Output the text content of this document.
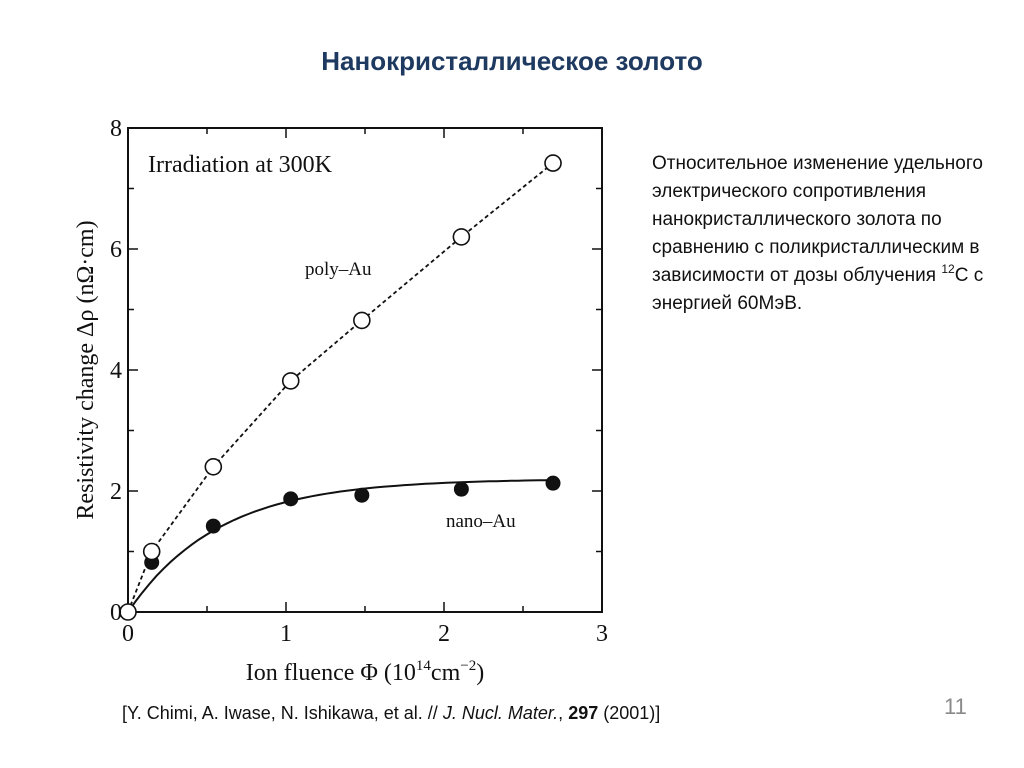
Нанокристаллическое золото
0
2
4
6
8
0	1	2	3
Irradiation at 300K
poly–Au
nano–Au
Resistivity change Δρ (nΩ·cm)
Ion fluence Φ $(10^{14}cm^{-2})$
Относительное изменение удельного электрического сопротивления нанокристаллического золота по сравнению с поликристаллическим в зависимости от дозы облучения $^{12}$С с энергией 60МэВ.
[Y. Chimi, A. Iwase, N. Ishikawa, et al. // J. Nucl. Mater., 297 (2001)]	11
